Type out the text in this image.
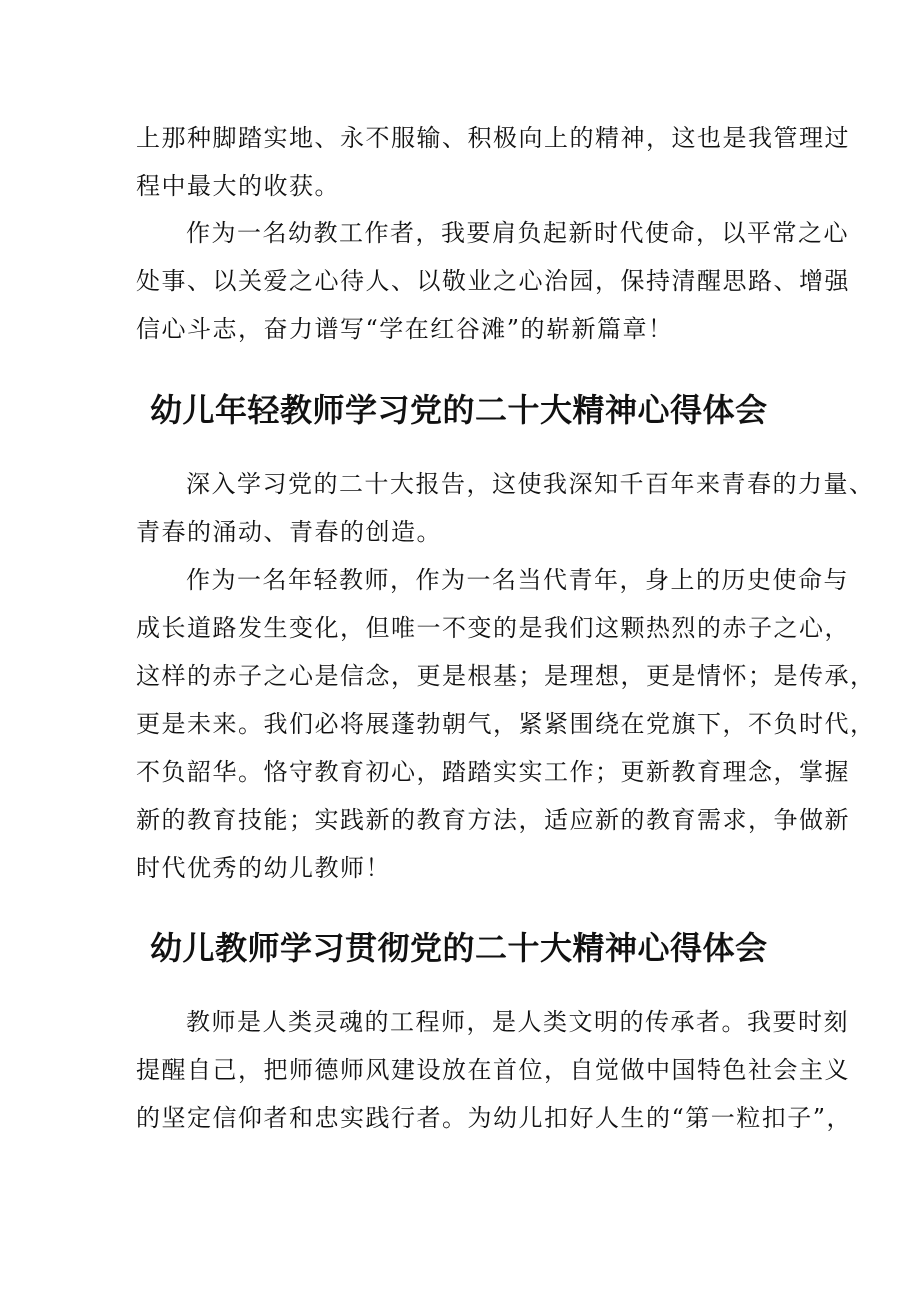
上那种脚踏实地、永不服输、积极向上的精神，这也是我管理过
程中最大的收获。
作为一名幼教工作者，我要肩负起新时代使命，以平常之心
处事、以关爱之心待人、以敬业之心治园，保持清醒思路、增强
信心斗志，奋力谱写“学在红谷滩”的崭新篇章！
幼儿年轻教师学习党的二十大精神心得体会
深入学习党的二十大报告，这使我深知千百年来青春的力量、
青春的涌动、青春的创造。
作为一名年轻教师，作为一名当代青年，身上的历史使命与
成长道路发生变化，但唯一不变的是我们这颗热烈的赤子之心，
这样的赤子之心是信念，更是根基；是理想，更是情怀；是传承，
更是未来。我们必将展蓬勃朝气，紧紧围绕在党旗下，不负时代，
不负韶华。恪守教育初心，踏踏实实工作；更新教育理念，掌握
新的教育技能；实践新的教育方法，适应新的教育需求，争做新
时代优秀的幼儿教师！
幼儿教师学习贯彻党的二十大精神心得体会
教师是人类灵魂的工程师，是人类文明的传承者。我要时刻
提醒自己，把师德师风建设放在首位，自觉做中国特色社会主义
的坚定信仰者和忠实践行者。为幼儿扣好人生的“第一粒扣子”，
